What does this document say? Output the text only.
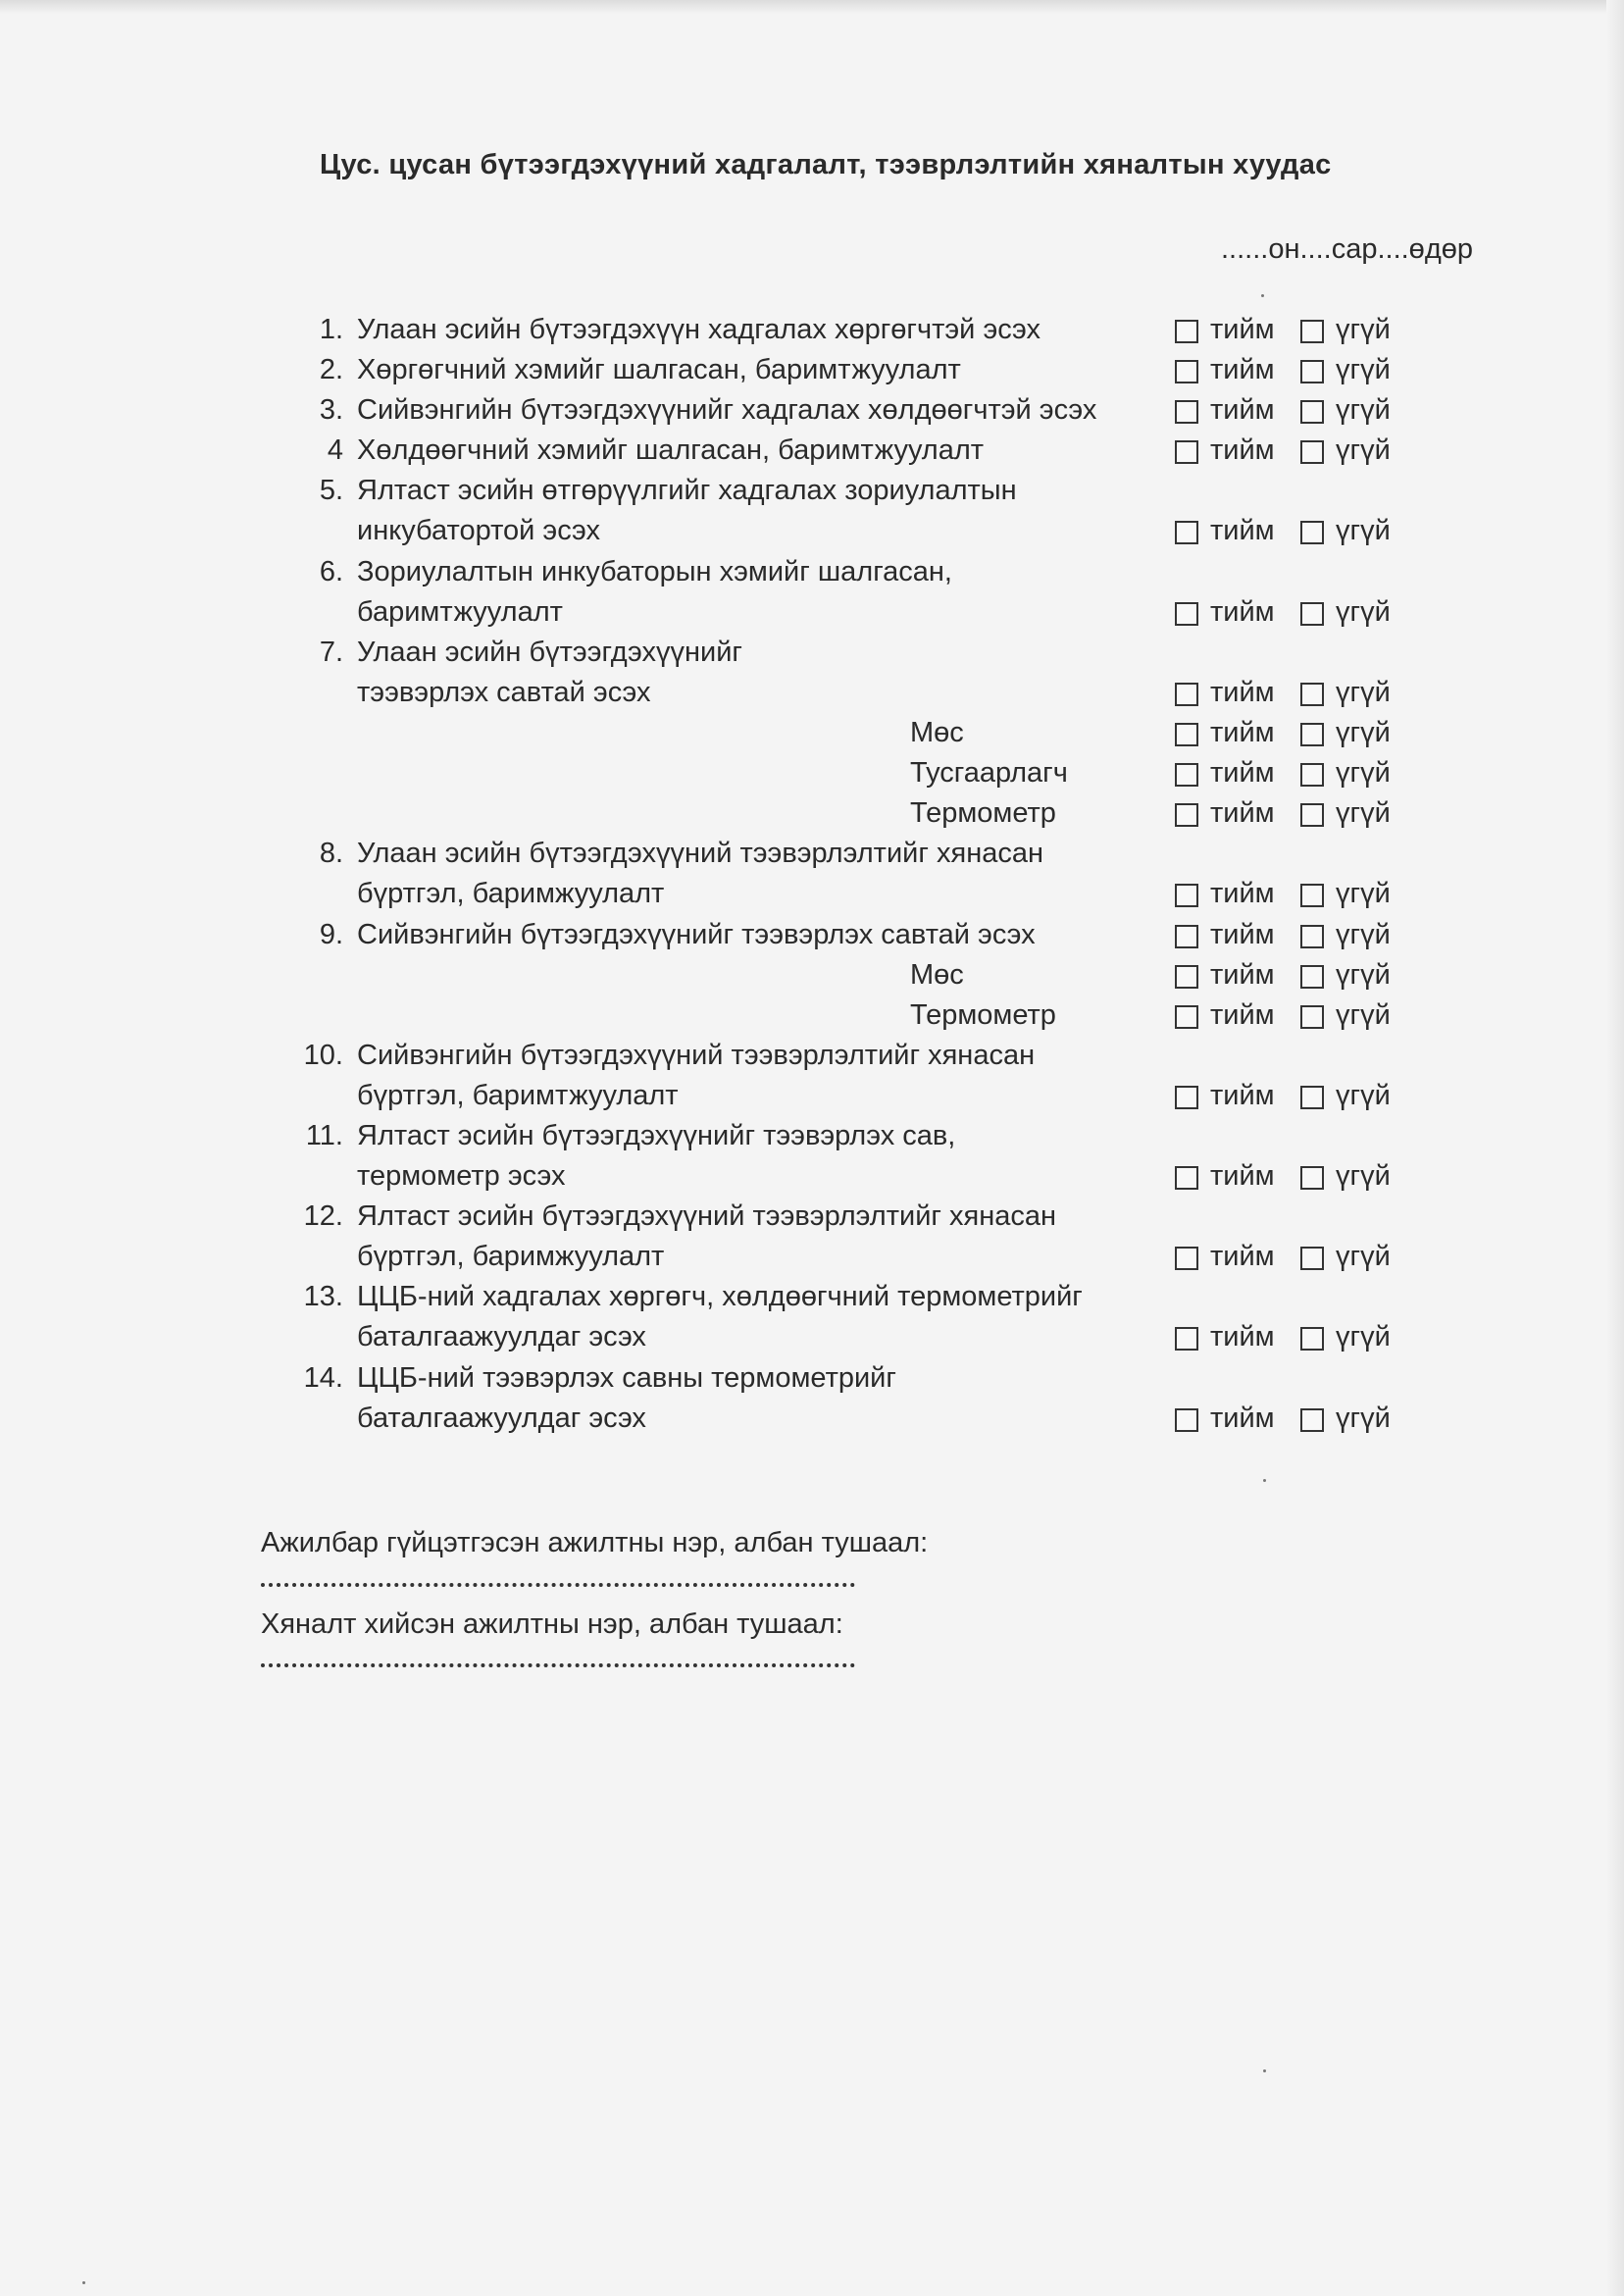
Цус. цусан бүтээгдэхүүний хадгалалт, тээврлэлтийн хяналтын хуудас
......он....сар....өдөр
1. Улаан эсийн бүтээгдэхүүн хадгалах хөргөгчтэй эсэх	тийм үгүй
2. Хөргөгчний хэмийг шалгасан, баримтжуулалт	тийм үгүй
3. Сийвэнгийн бүтээгдэхүүнийг хадгалах хөлдөөгчтэй эсэх	тийм үгүй
4 Хөлдөөгчний хэмийг шалгасан, баримтжуулалт	тийм үгүй
5. Ялтаст эсийн өтгөрүүлгийг хадгалах зориулалтын
инкубатортой эсэх	тийм үгүй
6. Зориулалтын инкубаторын хэмийг шалгасан,
баримтжуулалт	тийм үгүй
7. Улаан эсийн бүтээгдэхүүнийг
тээвэрлэх савтай эсэх	тийм үгүй
Мөс	тийм үгүй
Тусгаарлагч	тийм үгүй
Термометр	тийм үгүй
8. Улаан эсийн бүтээгдэхүүний тээвэрлэлтийг хянасан
бүртгэл, баримжуулалт	тийм үгүй
9. Сийвэнгийн бүтээгдэхүүнийг тээвэрлэх савтай эсэх	тийм үгүй
Мөс	тийм үгүй
Термометр	тийм үгүй
10. Сийвэнгийн бүтээгдэхүүний тээвэрлэлтийг хянасан
бүртгэл, баримтжуулалт	тийм үгүй
11. Ялтаст эсийн бүтээгдэхүүнийг тээвэрлэх сав,
термометр эсэх	тийм үгүй
12. Ялтаст эсийн бүтээгдэхүүний тээвэрлэлтийг хянасан
бүртгэл, баримжуулалт	тийм үгүй
13. ЦЦБ-ний хадгалах хөргөгч, хөлдөөгчний термометрийг
баталгаажуулдаг эсэх	тийм үгүй
14. ЦЦБ-ний тээвэрлэх савны термометрийг
баталгаажуулдаг эсэх	тийм үгүй
Ажилбар гүйцэтгэсэн ажилтны нэр, албан тушаал:
Хяналт хийсэн ажилтны нэр, албан тушаал:
